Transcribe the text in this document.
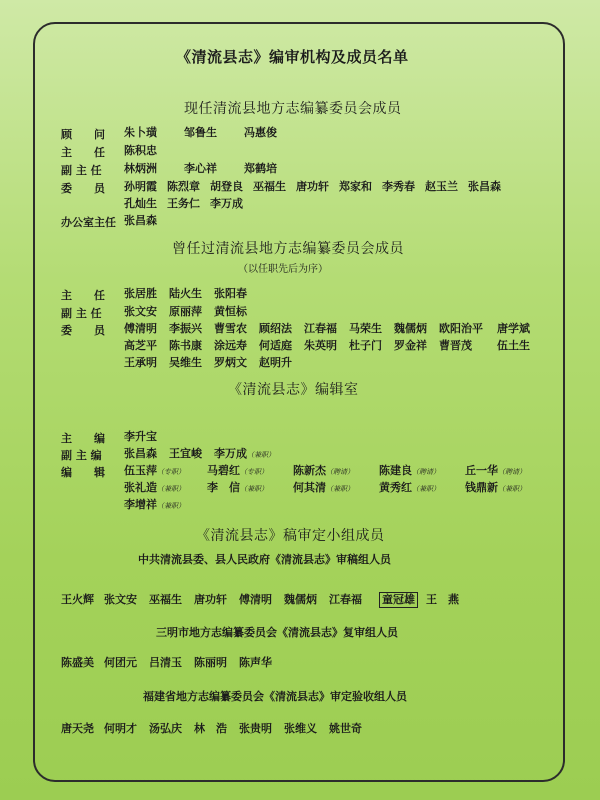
《清流县志》编审机构及成员名单
现任清流县地方志编纂委员会成员
顾　　问 朱卜璜 邹鲁生 冯惠俊
主　　任 陈积忠
副 主 任 林炳洲 李心祥 郑鹤培
委　　员 孙明霞 陈烈章 胡登良 巫福生 唐功轩 郑家和 李秀春 赵玉兰 张昌森
孔灿生 王务仁 李万成
办公室主任 张昌森
曾任过清流县地方志编纂委员会成员
（以任职先后为序）
主　　任 张居胜 陆火生 张阳春
副 主 任 张文安 原丽萍 黄恒标
委　　员 傅清明 李振兴 曹雪农 顾绍法 江春福 马荣生 魏儒炳 欧阳治平 唐学斌
高芝平 陈书康 涂远寿 何适庭 朱英明 杜子门 罗金祥 曹晋茂 伍土生
王承明 吴维生 罗炳文 赵明升
《清流县志》编辑室
主　　编 李升宝
副 主 编 张昌森 王宜峻 李万成（兼职）
编　　辑 伍玉萍（专职） 马碧红（专职） 陈新杰（聘请） 陈建良（聘请） 丘一华（聘请）
张礼造（兼职） 李　信（兼职） 何其清（兼职） 黄秀红（兼职） 钱鼎新（兼职）
李增祥（兼职）
《清流县志》稿审定小组成员
中共清流县委、县人民政府《清流县志》审稿组人员
王火辉 张文安 巫福生 唐功轩 傅清明 魏儒炳 江春福 童冠雄 王　燕
三明市地方志编纂委员会《清流县志》复审组人员
陈盛美 何团元 吕清玉 陈丽明 陈声华
福建省地方志编纂委员会《清流县志》审定验收组人员
唐天尧 何明才 汤弘庆 林　浩 张贵明 张维义 姚世奇
